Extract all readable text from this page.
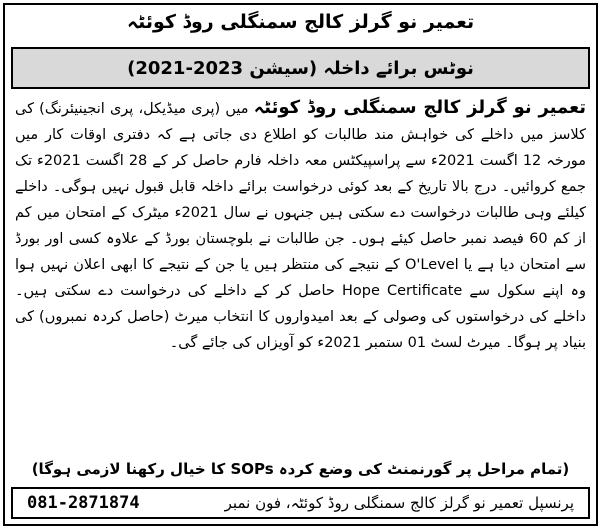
تعمیر نو گرلز کالج سمنگلی روڈ کوئٹہ
نوٹس برائے داخلہ (سیشن 2023-2021)
تعمیر نو گرلز کالج سمنگلی روڈ کوئٹہ میں (پری میڈیکل، پری انجینیئرنگ) کی کلاسز میں داخلے کی خواہش مند طالبات کو اطلاع دی جاتی ہے کہ دفتری اوقات کار میں مورخہ 12 اگست 2021ء سے پراسپیکٹس معہ داخلہ فارم حاصل کر کے 28 اگست 2021ء تک جمع کروائیں۔ درج بالا تاریخ کے بعد کوئی درخواست برائے داخلہ قابل قبول نہیں ہوگی۔ داخلے کیلئے وہی طالبات درخواست دے سکتی ہیں جنہوں نے سال 2021ء میٹرک کے امتحان میں کم از کم 60 فیصد نمبر حاصل کیئے ہوں۔ جن طالبات نے بلوچستان بورڈ کے علاوہ کسی اور بورڈ سے امتحان دیا ہے یا O'Level کے نتیجے کی منتظر ہیں یا جن کے نتیجے کا ابھی اعلان نہیں ہوا وہ اپنے سکول سے Hope Certificate حاصل کر کے داخلے کی درخواست دے سکتی ہیں۔ داخلے کی درخواستوں کی وصولی کے بعد امیدواروں کا انتخاب میرٹ (حاصل کردہ نمبروں) کی بنیاد پر ہوگا۔ میرٹ لسٹ 01 ستمبر 2021ء کو آویزاں کی جائے گی۔
(تمام مراحل پر گورنمنٹ کی وضع کردہ SOPs کا خیال رکھنا لازمی ہوگا)
081-2871874	پرنسپل تعمیر نو گرلز کالج سمنگلی روڈ کوئٹہ، فون نمبر
